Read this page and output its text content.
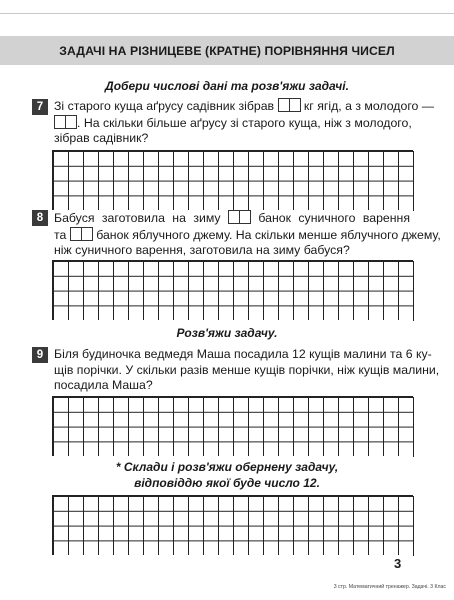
ЗАДАЧІ НА РІЗНИЦЕВЕ (КРАТНЕ) ПОРІВНЯННЯ ЧИСЕЛ
Добери числові дані та розв'яжи задачі.
7 Зі старого куща аґрусу садівник зібрав кг ягід, а з молодого —
. На скільки більше аґрусу зі старого куща, ніж з молодого,
зібрав садівник?
8 Бабуся заготовила на зиму	банок суничного варення
та банок яблучного джему. На скільки менше яблучного джему,
ніж суничного варення, заготовила на зиму бабуся?
Розв'яжи задачу.
9 Біля будиночка ведмедя Маша посадила 12 кущів малини та 6 ку-
щів порічки. У скільки разів менше кущів порічки, ніж кущів малини,
посадила Маша?
* Склади і розв'яжи обернену задачу,
відповіддю якої буде число 12.
3
3 стр. Математичний тренажер. Задачі. 3 Клас
